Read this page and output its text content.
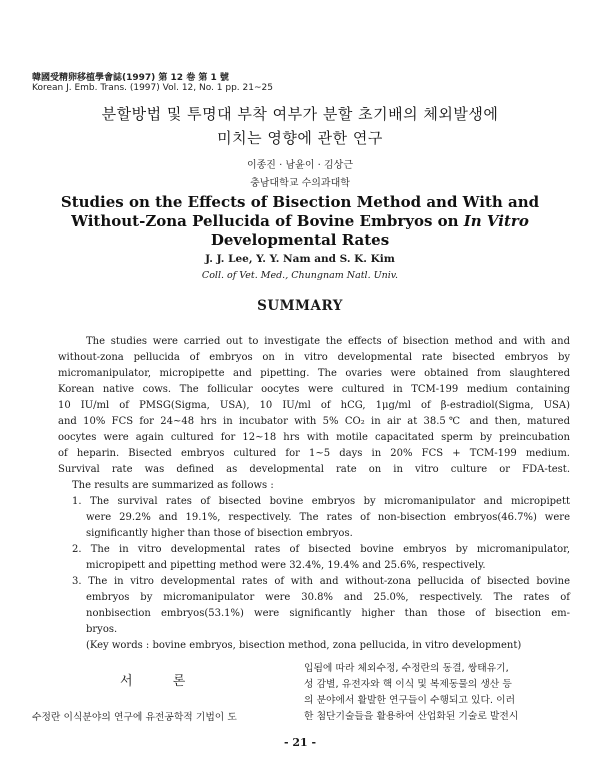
韓國受精卵移植學會誌(1997) 第 12 卷 第 1 號
Korean J. Emb. Trans. (1997) Vol. 12, No. 1 pp. 21~25
분할방법 및 투명대 부착 여부가 분할 초기배의 체외발생에
미치는 영향에 관한 연구
이종진 · 남윤이 · 김상근
충남대학교 수의과대학
Studies on the Effects of Bisection Method and With and
Without-Zona Pellucida of Bovine Embryos on In Vitro
Developmental Rates
J. J. Lee, Y. Y. Nam and S. K. Kim
Coll. of Vet. Med., Chungnam Natl. Univ.
SUMMARY
The studies were carried out to investigate the effects of bisection method and with and
without-zona pellucida of embryos on in vitro developmental rate bisected embryos by
micromanipulator, micropipette and pipetting. The ovaries were obtained from slaughtered
Korean native cows. The follicular oocytes were cultured in TCM-199 medium containing
10 IU/ml of PMSG(Sigma, USA), 10 IU/ml of hCG, 1μg/ml of β-estradiol(Sigma, USA)
and 10% FCS for 24~48 hrs in incubator with 5% CO₂ in air at 38.5℃ and then, matured
oocytes were again cultured for 12~18 hrs with motile capacitated sperm by preincubation
of heparin. Bisected embryos cultured for 1~5 days in 20% FCS + TCM-199 medium.
Survival rate was defined as developmental rate on in vitro culture or FDA-test.
The results are summarized as follows :
1. The survival rates of bisected bovine embryos by micromanipulator and micropipett
were 29.2% and 19.1%, respectively. The rates of non-bisection embryos(46.7%) were
significantly higher than those of bisection embryos.
2. The in vitro developmental rates of bisected bovine embryos by micromanipulator,
micropipett and pipetting method were 32.4%, 19.4% and 25.6%, respectively.
3. The in vitro developmental rates of with and without-zona pellucida of bisected bovine
embryos by micromanipulator were 30.8% and 25.0%, respectively. The rates of
nonbisection embryos(53.1%) were significantly higher than those of bisection em-
bryos.
(Key words : bovine embryos, bisection method, zona pellucida, in vitro development)
서 론
수정란 이식분야의 연구에 유전공학적 기법이 도
입됨에 따라 체외수정, 수정란의 동결, 쌍태유기,
성 감별, 유전자와 핵 이식 및 복제동물의 생산 등
의 분야에서 활발한 연구들이 수행되고 있다. 이러
한 첨단기술들을 활용하여 산업화된 기술로 발전시
- 21 -
